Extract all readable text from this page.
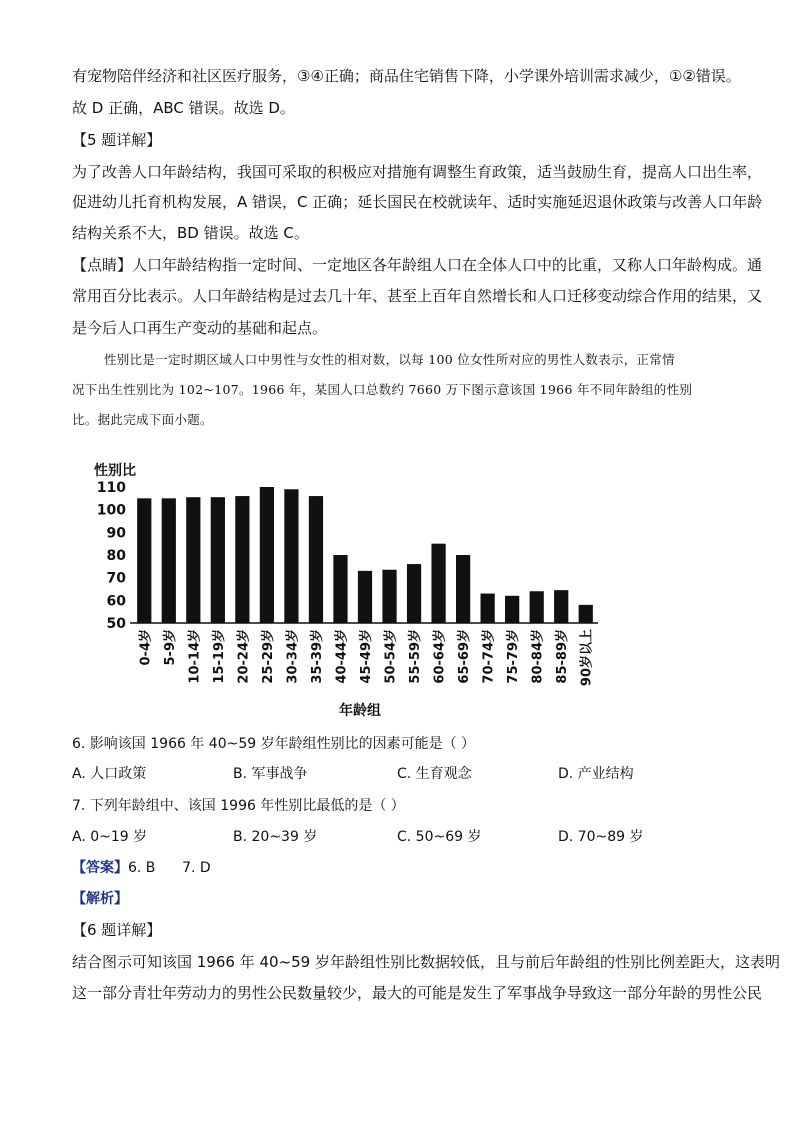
有宠物陪伴经济和社区医疗服务，③④正确；商品住宅销售下降，小学课外培训需求减少，①②错误。
故 D 正确，ABC 错误。故选 D。
【5 题详解】
为了改善人口年龄结构，我国可采取的积极应对措施有调整生育政策，适当鼓励生育，提高人口出生率，
促进幼儿托育机构发展，A 错误，C 正确；延长国民在校就读年、适时实施延迟退休政策与改善人口年龄
结构关系不大，BD 错误。故选 C。
【点睛】人口年龄结构指一定时间、一定地区各年龄组人口在全体人口中的比重，又称人口年龄构成。通
常用百分比表示。人口年龄结构是过去几十年、甚至上百年自然增长和人口迁移变动综合作用的结果，又
是今后人口再生产变动的基础和起点。
性别比是一定时期区域人口中男性与女性的相对数，以每 100 位女性所对应的男性人数表示，正常情
况下出生性别比为 102~107。1966 年，某国人口总数约 7660 万下图示意该国 1966 年不同年龄组的性别
比。据此完成下面小题。
性别比
50
60
70
80
90
100
110
0-4岁 5-9岁 10-14岁 15-19岁 20-24岁 25-29岁 30-34岁 35-39岁 40-44岁 45-49岁 50-54岁 55-59岁 60-64岁 65-69岁 70-74岁 75-79岁 80-84岁 85-89岁 90岁以上
年龄组
6. 影响该国 1966 年 40~59 岁年龄组性别比的因素可能是（ ）
A. 人口政策	B. 军事战争	C. 生育观念	D. 产业结构
7. 下列年龄组中、该国 1996 年性别比最低的是（ ）
A. 0~19 岁	B. 20~39 岁	C. 50~69 岁	D. 70~89 岁
【答案】6. B      7. D
【解析】
【6 题详解】
结合图示可知该国 1966 年 40~59 岁年龄组性别比数据较低，且与前后年龄组的性别比例差距大，这表明
这一部分青壮年劳动力的男性公民数量较少，最大的可能是发生了军事战争导致这一部分年龄的男性公民
